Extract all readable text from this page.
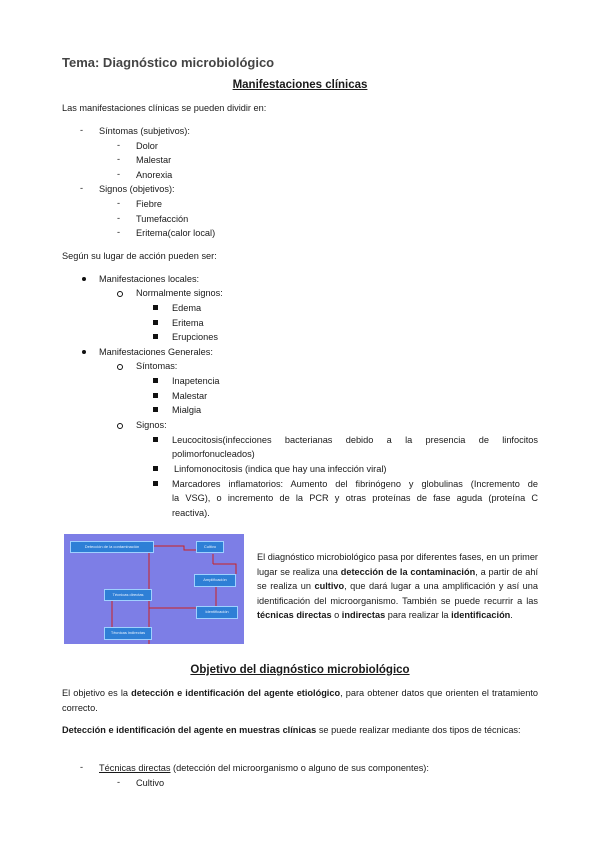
Tema: Diagnóstico microbiológico
Manifestaciones clínicas
Las manifestaciones clínicas se pueden dividir en:
- Síntomas (subjetivos):
- Dolor
- Malestar
- Anorexia
- Signos (objetivos):
- Fiebre
- Tumefacción
- Eritema(calor local)
Según su lugar de acción pueden ser:
Manifestaciones locales:
Normalmente signos:
Edema
Eritema
Erupciones
Manifestaciones Generales:
Síntomas:
Inapetencia
Malestar
Mialgia
Signos:
Leucocitosis(infecciones bacterianas debido a la presencia de linfocitos
polimorfonucleados)
Linfomonocitosis (indica que hay una infección viral)
Marcadores inflamatorios: Aumento del fibrinógeno y globulinas (Incremento de
la VSG), o incremento de la PCR y otras proteínas de fase aguda (proteína C
reactiva).
Detección de la contaminación	Cultivo
Amplificación
Identificación
Técnicas directas
Técnicas indirectas
El diagnóstico microbiológico pasa por diferentes fases, en un primer lugar se realiza una detección de la contaminación, a partir de ahí se realiza un cultivo, que dará lugar a una amplificación y así una identificación del microorganismo. También se puede recurrir a las técnicas directas o indirectas para realizar la identificación.
Objetivo del diagnóstico microbiológico
El objetivo es la detección e identificación del agente etiológico, para obtener datos que orienten el tratamiento correcto.
Detección e identificación del agente en muestras clínicas se puede realizar mediante dos tipos de técnicas:
- Técnicas directas (detección del microorganismo o alguno de sus componentes):
- Cultivo
